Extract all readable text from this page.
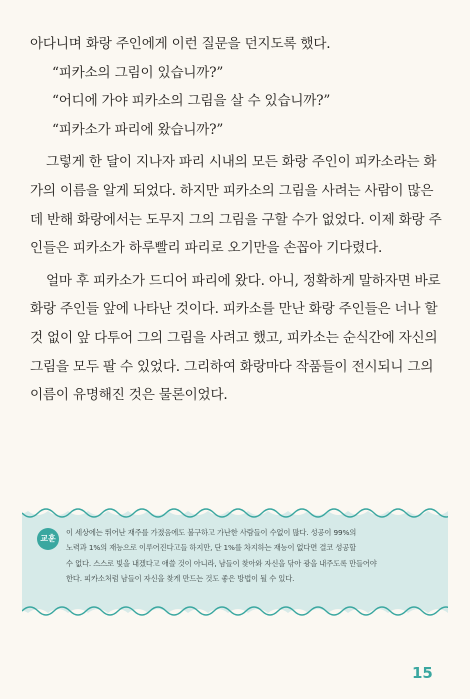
아다니며 화랑 주인에게 이런 질문을 던지도록 했다.

“피카소의 그림이 있습니까?”

“어디에 가야 피카소의 그림을 살 수 있습니까?”

“피카소가 파리에 왔습니까?”

그렇게 한 달이 지나자 파리 시내의 모든 화랑 주인이 피카소라는 화

가의 이름을 알게 되었다. 하지만 피카소의 그림을 사려는 사람이 많은

데 반해 화랑에서는 도무지 그의 그림을 구할 수가 없었다. 이제 화랑 주

인들은 피카소가 하루빨리 파리로 오기만을 손꼽아 기다렸다.

얼마 후 피카소가 드디어 파리에 왔다. 아니, 정확하게 말하자면 바로

화랑 주인들 앞에 나타난 것이다. 피카소를 만난 화랑 주인들은 너나 할

것 없이 앞 다투어 그의 그림을 사려고 했고, 피카소는 순식간에 자신의

그림을 모두 팔 수 있었다. 그리하여 화랑마다 작품들이 전시되니 그의

이름이 유명해진 것은 물론이었다.

교훈
이 세상에는 뛰어난 재주를 가졌음에도 불구하고 가난한 사람들이 수없이 많다. 성공이 99%의
노력과 1%의 재능으로 이루어진다고들 하지만, 단 1%를 차지하는 재능이 없다면 결코 성공할
수 없다. 스스로 빛을 내겠다고 애쓸 것이 아니라, 남들이 찾아와 자신을 닦아 광을 내주도록 만들어야
한다. 피카소처럼 남들이 자신을 찾게 만드는 것도 좋은 방법이 될 수 있다.
15
